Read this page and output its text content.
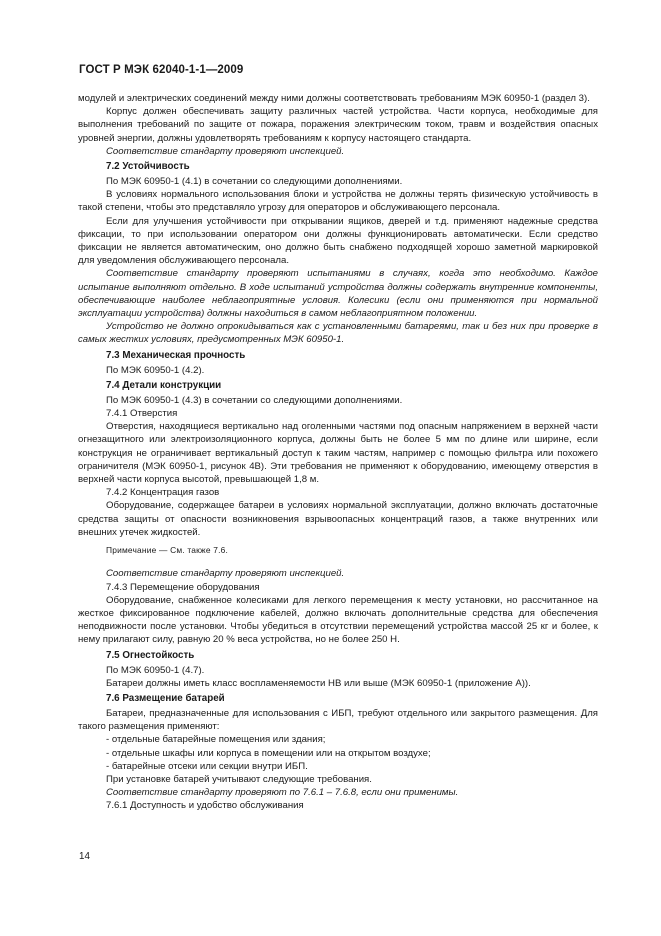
ГОСТ Р МЭК 62040-1-1—2009

модулей и электрических соединений между ними должны соответствовать требованиям МЭК 60950-1 (раздел 3).

Корпус должен обеспечивать защиту различных частей устройства. Части корпуса, необходимые для выполнения требований по защите от пожара, поражения электрическим током, травм и воздействия опасных уровней энергии, должны удовлетворять требованиям к корпусу настоящего стандарта.

Соответствие стандарту проверяют инспекцией.

7.2 Устойчивость

По МЭК 60950-1 (4.1) в сочетании со следующими дополнениями.

В условиях нормального использования блоки и устройства не должны терять физическую устойчивость в такой степени, чтобы это представляло угрозу для операторов и обслуживающего персонала.

Если для улучшения устойчивости при открывании ящиков, дверей и т.д. применяют надежные средства фиксации, то при использовании оператором они должны функционировать автоматически. Если средство фиксации не является автоматическим, оно должно быть снабжено подходящей хорошо заметной маркировкой для уведомления обслуживающего персонала.

Соответствие стандарту проверяют испытаниями в случаях, когда это необходимо. Каждое испытание выполняют отдельно. В ходе испытаний устройства должны содержать внутренние компоненты, обеспечивающие наиболее неблагоприятные условия. Колесики (если они применяются при нормальной эксплуатации устройства) должны находиться в самом неблагоприятном положении.

Устройство не должно опрокидываться как с установленными батареями, так и без них при проверке в самых жестких условиях, предусмотренных МЭК 60950-1.

7.3 Механическая прочность

По МЭК 60950-1 (4.2).

7.4 Детали конструкции

По МЭК 60950-1 (4.3) в сочетании со следующими дополнениями.

7.4.1 Отверстия

Отверстия, находящиеся вертикально над оголенными частями под опасным напряжением в верхней части огнезащитного или электроизоляционного корпуса, должны быть не более 5 мм по длине или ширине, если конструкция не ограничивает вертикальный доступ к таким частям, например с помощью фильтра или похожего ограничителя (МЭК 60950-1, рисунок 4В). Эти требования не применяют к оборудованию, имеющему отверстия в верхней части корпуса высотой, превышающей 1,8 м.

7.4.2 Концентрация газов

Оборудование, содержащее батареи в условиях нормальной эксплуатации, должно включать достаточные средства защиты от опасности возникновения взрывоопасных концентраций газов, а также внутренних или внешних утечек жидкостей.

Примечание — См. также 7.6.

Соответствие стандарту проверяют инспекцией.

7.4.3 Перемещение оборудования

Оборудование, снабженное колесиками для легкого перемещения к месту установки, но рассчитанное на жесткое фиксированное подключение кабелей, должно включать дополнительные средства для обеспечения неподвижности после установки. Чтобы убедиться в отсутствии перемещений устройства массой 25 кг и более, к нему прилагают силу, равную 20 % веса устройства, но не более 250 Н.

7.5 Огнестойкость

По МЭК 60950-1 (4.7).

Батареи должны иметь класс воспламеняемости НВ или выше (МЭК 60950-1 (приложение А)).

7.6 Размещение батарей

Батареи, предназначенные для использования с ИБП, требуют отдельного или закрытого размещения. Для такого размещения применяют:

- отдельные батарейные помещения или здания;

- отдельные шкафы или корпуса в помещении или на открытом воздухе;

- батарейные отсеки или секции внутри ИБП.

При установке батарей учитывают следующие требования.

Соответствие стандарту проверяют по 7.6.1 – 7.6.8, если они применимы.

7.6.1 Доступность и удобство обслуживания

14
